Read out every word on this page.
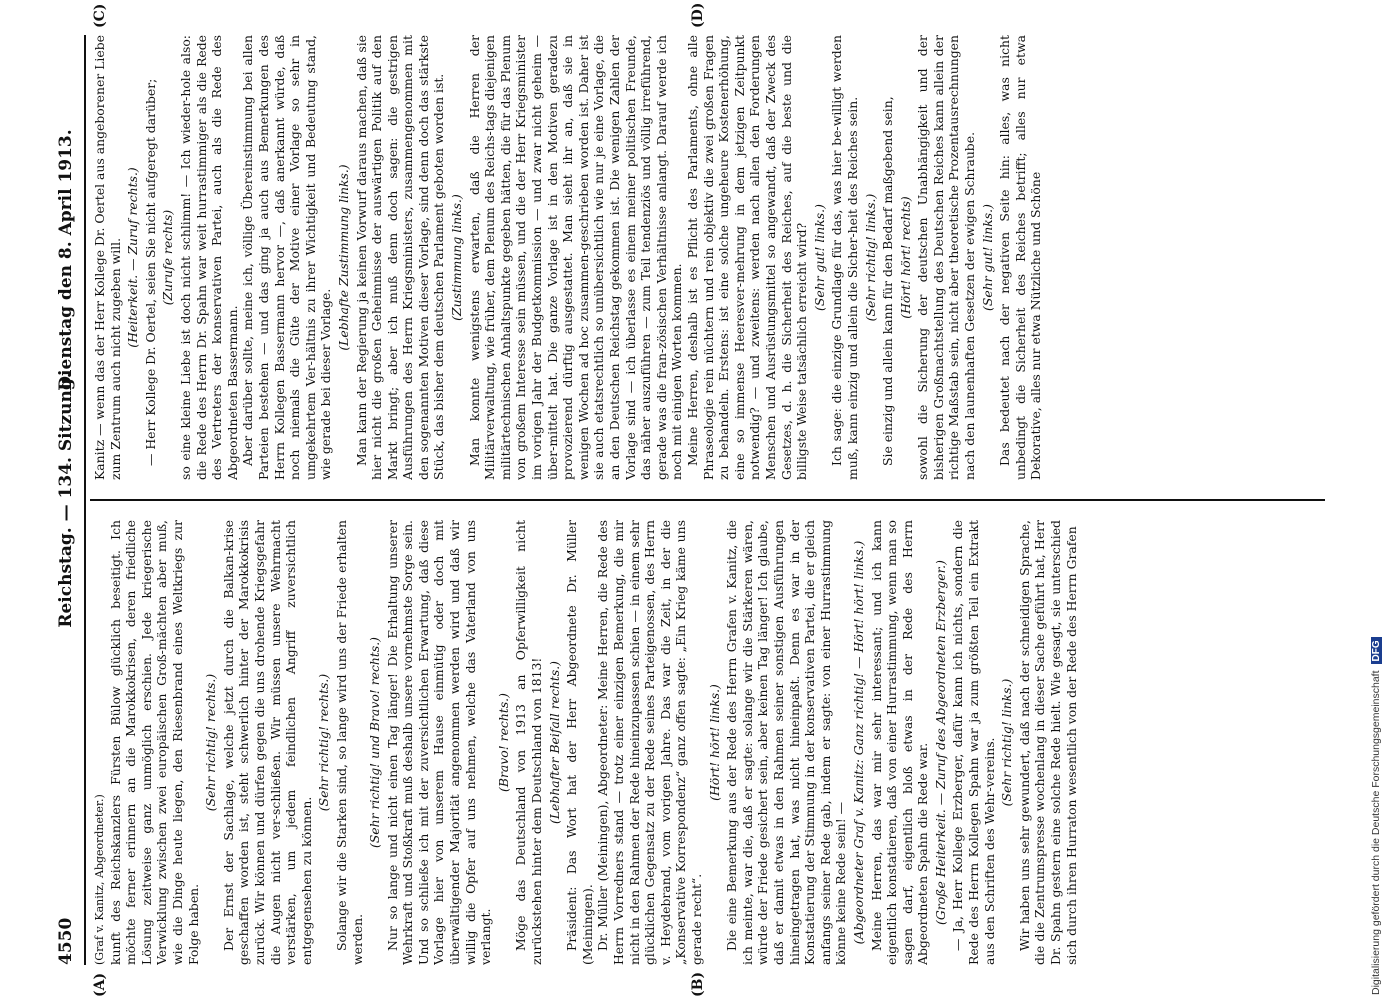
4550
Reichstag. — 134. Sitzung.
Dienstag den 8. April 1913.
(A)	(B)
(C)	(D)

(Graf v. Kanitz, Abgeordneter.) kunft des Reichskanzlers Fürsten Bülow glücklich beseitigt. Ich möchte ferner erinnern an die Marokkokrisen, deren friedliche Lösung zeitweise ganz unmöglich erschien. Jede kriegerische Verwicklung zwischen zwei europäischen Groß-mächten aber muß, wie die Dinge heute liegen, den Riesenbrand eines Weltkriegs zur Folge haben.

(Sehr richtig! rechts.) Der Ernst der Sachlage, welche jetzt durch die Balkan-krise geschaffen worden ist, steht schwerlich hinter der Marokkokrisis zurück. Wir können und dürfen gegen die uns drohende Kriegsgefahr die Augen nicht ver-schließen. Wir müssen unsere Wehrmacht verstärken, um jedem feindlichen Angriff zuversichtlich entgegensehen zu können.

(Sehr richtig! rechts.) Solange wir die Starken sind, so lange wird uns der Friede erhalten werden.

(Sehr richtig! und Bravo! rechts.) Nur so lange und nicht einen Tag länger! Die Erhaltung unserer Wehrkraft und Stoßkraft muß deshalb unsere vornehmste Sorge sein. Und so schließe ich mit der zuversichtlichen Erwartung, daß diese Vorlage hier von unserem Hause einmütig oder doch mit überwältigender Majorität angenommen werden wird und daß wir willig die Opfer auf uns nehmen, welche das Vaterland von uns verlangt.

(Bravo! rechts.) Möge das Deutschland von 1913 an Opferwilligkeit nicht zurückstehen hinter dem Deutschland von 1813! (Lebhafter Beifall rechts.) Präsident: Das Wort hat der Herr Abgeordnete Dr. Müller (Meiningen). Dr. Müller (Meiningen), Abgeordneter: Meine Herren, die Rede des Herrn Vorredners stand — trotz einer einzigen Bemerkung, die mir nicht in den Rahmen der Rede hineinzupassen schien — in einem sehr glücklichen Gegensatz zu der Rede seines Parteigenossen, des Herrn v. Heydebrand, vom vorigen Jahre. Das war die Zeit, in der die „Konservative Korrespondenz“ ganz offen sagte: „Ein Krieg käme uns gerade recht“.

(Hört! hört! links.) Die eine Bemerkung aus der Rede des Herrn Grafen v. Kanitz, die ich meinte, war die, daß er sagte: solange wir die Stärkeren wären, würde der Friede gesichert sein, aber keinen Tag länger! Ich glaube, daß er damit etwas in den Rahmen seiner sonstigen Ausführungen hineingetragen hat, was nicht hineinpaßt. Denn es war in der Konstatierung der Stimmung in der konservativen Partei, die er gleich anfangs seiner Rede gab, indem er sagte: von einer Hurrastimmung könne keine Rede sein! — (Abgeordneter Graf v. Kanitz: Ganz richtig! — Hört! hört! links.) Meine Herren, das war mir sehr interessant; und ich kann eigentlich konstatieren, daß von einer Hurrastimmung, wenn man so sagen darf, eigentlich bloß etwas in der Rede des Herrn Abgeordneten Spahn die Rede war. (Große Heiterkeit. — Zuruf des Abgeordneten Erzberger.) — Ja, Herr Kollege Erzberger, dafür kann ich nichts, sondern die Rede des Herrn Kollegen Spahn war ja zum größten Teil ein Extrakt aus den Schriften des Wehr-vereins. (Sehr richtig! links.) Wir haben uns sehr gewundert, daß nach der schneidigen Sprache, die die Zentrumspresse wochenlang in dieser Sache geführt hat, Herr Dr. Spahn gestern eine solche Rede hielt. Wie gesagt, sie unterschied sich durch ihren Hurraton wesentlich von der Rede des Herrn Grafen

Kanitz — wenn das der Herr Kollege Dr. Oertel aus angeborener Liebe zum Zentrum auch nicht zugeben will. (Heiterkeit. — Zuruf rechts.) — Herr Kollege Dr. Oertel, seien Sie nicht aufgeregt darüber; (Zurufe rechts) so eine kleine Liebe ist doch nicht schlimm! — Ich wieder-hole also: die Rede des Herrn Dr. Spahn war weit hurrastimmiger als die Rede des Vertreters der konservativen Partei, auch als die Rede des Abgeordneten Bassermann. Aber darüber sollte, meine ich, völlige Übereinstimmung bei allen Parteien bestehen — und das ging ja auch aus Bemerkungen des Herrn Kollegen Bassermann hervor —, daß anerkannt würde, daß noch niemals die Güte der Motive einer Vorlage so sehr in umgekehrtem Ver-hältnis zu ihrer Wichtigkeit und Bedeutung stand, wie gerade bei dieser Vorlage.

(Lebhafte Zustimmung links.) Man kann der Regierung ja keinen Vorwurf daraus machen, daß sie hier nicht die großen Geheimnisse der auswärtigen Politik auf den Markt bringt; aber ich muß denn doch sagen: die gestrigen Ausführungen des Herrn Kriegsministers, zusammengenommen mit den sogenannten Motiven dieser Vorlage, sind denn doch das stärkste Stück, das bisher dem deutschen Parlament geboten worden ist. (Zustimmung links.) Man konnte wenigstens erwarten, daß die Herren der Militärverwaltung, wie früher, dem Plenum des Reichs-tags diejenigen militärtechnischen Anhaltspunkte gegeben hätten, die für das Plenum von großem Interesse sein müssen, und die der Herr Kriegsminister im vorigen Jahr der Budgetkommission — und zwar nicht geheim — über-mittelt hat. Die ganze Vorlage ist in den Motiven geradezu provozierend dürftig ausgestattet. Man sieht ihr an, daß sie in wenigen Wochen ad hoc zusammen-geschrieben worden ist. Daher ist sie auch etatsrechtlich so unübersichtlich wie nur je eine Vorlage, die an den Deutschen Reichstag gekommen ist. Die wenigen Zahlen der Vorlage sind — ich überlasse es einem meiner politischen Freunde, das näher auszuführen — zum Teil tendenziös und völlig irreführend, gerade was die fran-zösischen Verhältnisse anlangt. Darauf werde ich noch mit einigen Worten kommen. Meine Herren, deshalb ist es Pflicht des Parlaments, ohne alle Phraseologie rein nüchtern und rein objektiv die zwei großen Fragen zu behandeln. Erstens: ist eine solche ungeheure Kostenerhöhung, eine so immense Heeresver-mehrung in dem jetzigen Zeitpunkt notwendig? — und zweitens: werden nach allen den Forderungen Menschen und Ausrüstungsmittel so angewandt, daß der Zweck des Gesetzes, d. h. die Sicherheit des Reiches, auf die beste und die billigste Weise tatsächlich erreicht wird? (Sehr gut! links.) Ich sage: die einzige Grundlage für das, was hier be-willigt werden muß, kann einzig und allein die Sicher-heit des Reiches sein. (Sehr richtig! links.) Sie einzig und allein kann für den Bedarf maßgebend sein, (Hört! hört! rechts) sowohl die Sicherung der deutschen Unabhängigkeit und der bisherigen Großmachtstellung des Deutschen Reiches kann allein der richtige Maßstab sein, nicht aber theoretische Prozentausrechnungen nach den launenhaften Gesetzen der ewigen Schraube. (Sehr gut! links.) Das bedeutet nach der negativen Seite hin: alles, was nicht unbedingt die Sicherheit des Reiches betrifft; alles nur etwa Dekorative, alles nur etwa Nützliche und Schöne

Digitalisierung gefördert durch die Deutsche ForschungsgemeinschaftDFG
